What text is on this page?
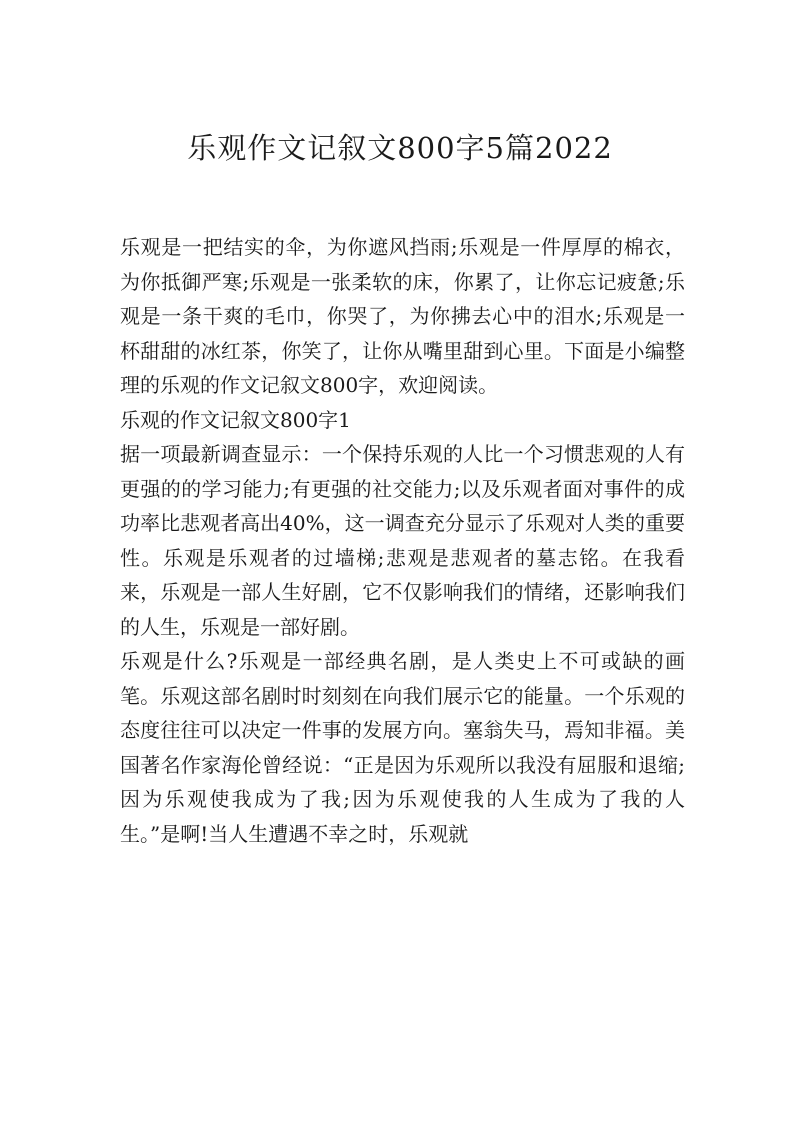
乐观作文记叙文800字5篇2022

乐观是一把结实的伞，为你遮风挡雨;乐观是一件厚厚的棉衣，为你抵御严寒;乐观是一张柔软的床，你累了，让你忘记疲惫;乐观是一条干爽的毛巾，你哭了，为你拂去心中的泪水;乐观是一杯甜甜的冰红茶，你笑了，让你从嘴里甜到心里。下面是小编整理的乐观的作文记叙文800字，欢迎阅读。

乐观的作文记叙文800字1

据一项最新调查显示：一个保持乐观的人比一个习惯悲观的人有更强的的学习能力;有更强的社交能力;以及乐观者面对事件的成功率比悲观者高出40%，这一调查充分显示了乐观对人类的重要性。乐观是乐观者的过墙梯;悲观是悲观者的墓志铭。在我看来，乐观是一部人生好剧，它不仅影响我们的情绪，还影响我们的人生，乐观是一部好剧。

乐观是什么?乐观是一部经典名剧，是人类史上不可或缺的画笔。乐观这部名剧时时刻刻在向我们展示它的能量。一个乐观的态度往往可以决定一件事的发展方向。塞翁失马，焉知非福。美国著名作家海伦曾经说：“正是因为乐观所以我没有屈服和退缩;因为乐观使我成为了我;因为乐观使我的人生成为了我的人生。”是啊!当人生遭遇不幸之时，乐观就
